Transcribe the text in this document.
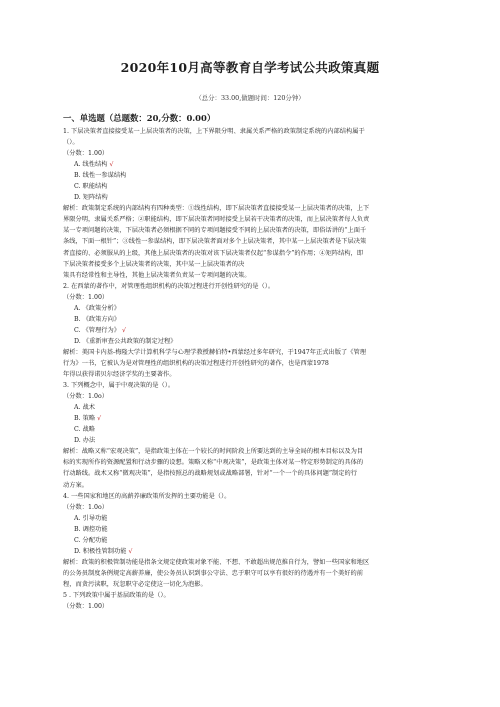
2020年10月高等教育自学考试公共政策真题
（总分：33.00,做题时间：120分钟）
一、单选题（总题数：20,分数：0.00）
1. 下层决策者直接接受某一上层决策者的决策，上下界限分明、隶属关系严格的政策制定系统的内部结构属于
（）。
（分数：1.00）
A. 线性结构 √
B. 线性一参谋结构
C. 职能结构
D. 矩阵结构
解析：政策制定系统的内部结构有四种类型：①线性结构，即下层决策者直接接受某一上层决策者的决策，上下
界限分明，隶属关系严格；②职能结构，即下层决策者同时接受上层若干决策者的决策，而上层决策者每人负责
某一专项问题的决策，下层决策者必须根据不同的专项问题接受不同的上层决策者的决策，即俗话讲的“上面千
条线，下面一根针”；③线性一参谋结构，即下层决策者面对多个上层决策者，其中某一上层决策者是下层决策
者直接的、必须服从的上级，其他上层决策者的决策对该下层决策者仅起“参谋指令”的作用；④矩阵结构，即
下层决策者接受多个上层决策者的决策，其中某一上层决策者的决
策具有经常性和主导性，其他上层决策者负责某一专项问题的决策。
2. 在西蒙的著作中，对管理性组织机构的决策过程进行开创性研究的是（）。
（分数：1.00）
A. 《政策分析》
B. 《政策方向》
C. 《管理行为》 √
D. 《重新审查公共政策的制定过程》
解析：美国卡内基-梅隆大学计算机科学与心理学教授赫伯特•西蒙经过多年研究，于1947年正式出版了《管理
行为》一书，它被认为是对管理性的组织机构的决策过程进行开创性研究的著作，也是西蒙1978
年得以获得诺贝尔经济学奖的主要著作。
3. 下列概念中，属于中观决策的是（）。
（分数：1.0o）
A. 战术
B. 策略 √
C. 战略
D. 办法
解析：战略又称“宏观决策”，是指政策主体在一个较长的时间阶段上所要达到的主导全局的根本目标以及为目
标的实现所作的资源配置和行动步骤的设想。策略又称“中观决策”，是政策主体对某一特定形势制定的具体的
行动路线。战术又称“微观决策”，是指按照总的战略规划或战略部署，针对“一个一个的具体问题”制定的行
动方案。
4. 一些国家和地区的高薪养廉政策所发挥的主要功能是（）。
（分数：1.0o）
A. 引导功能
B. 调控功能
C. 分配功能
D. 积极性管制功能 √
解析：政策的积极管制功能是指条文规定使政策对象不能、不想、不敢超出规范推自行为，譬如一些国家和地区
的公务员制度条例规定高薪养廉，使公务员认识到事公守法、忠于职守可以享有很好的待遇并有一个美好的前
程，而贪污渎职，玩忽职守必定使这一切化为泡影。
5 . 下列政策中属于基层政策的是（）。
（分数：1.00）
